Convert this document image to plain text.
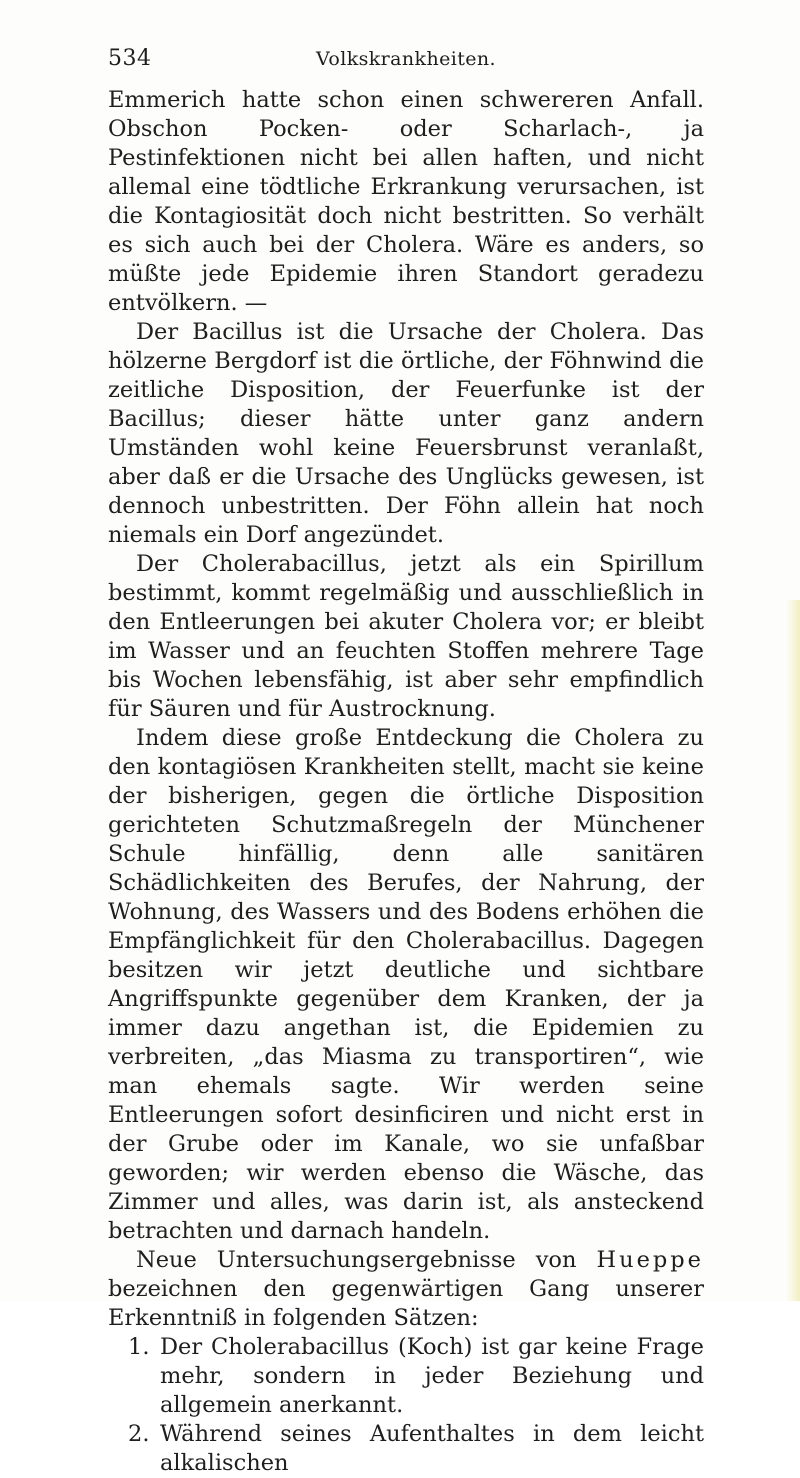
534	Volkskrankheiten.

Emmerich hatte schon einen schwereren Anfall. Obschon Pocken- oder Scharlach-, ja Pestinfektionen nicht bei allen haften, und nicht allemal eine tödtliche Erkrankung verursachen, ist die Kontagiosität doch nicht bestritten. So verhält es sich auch bei der Cholera. Wäre es anders, so müßte jede Epidemie ihren Standort geradezu entvölkern. —

Der Bacillus ist die Ursache der Cholera. Das hölzerne Bergdorf ist die örtliche, der Föhnwind die zeitliche Disposition, der Feuerfunke ist der Bacillus; dieser hätte unter ganz andern Umständen wohl keine Feuersbrunst veranlaßt, aber daß er die Ursache des Unglücks gewesen, ist dennoch unbestritten. Der Föhn allein hat noch niemals ein Dorf angezündet.

Der Cholerabacillus, jetzt als ein Spirillum bestimmt, kommt regelmäßig und ausschließlich in den Entleerungen bei akuter Cholera vor; er bleibt im Wasser und an feuchten Stoffen mehrere Tage bis Wochen lebensfähig, ist aber sehr empfindlich für Säuren und für Austrocknung.

Indem diese große Entdeckung die Cholera zu den kontagiösen Krankheiten stellt, macht sie keine der bisherigen, gegen die örtliche Disposition gerichteten Schutzmaßregeln der Münchener Schule hinfällig, denn alle sanitären Schädlichkeiten des Berufes, der Nahrung, der Wohnung, des Wassers und des Bodens erhöhen die Empfänglichkeit für den Cholerabacillus. Dagegen besitzen wir jetzt deutliche und sichtbare Angriffspunkte gegenüber dem Kranken, der ja immer dazu angethan ist, die Epidemien zu verbreiten, „das Miasma zu transportiren“, wie man ehemals sagte. Wir werden seine Entleerungen sofort desinficiren und nicht erst in der Grube oder im Kanale, wo sie unfaßbar geworden; wir werden ebenso die Wäsche, das Zimmer und alles, was darin ist, als ansteckend betrachten und darnach handeln.

Neue Untersuchungsergebnisse von Hueppe bezeichnen den gegenwärtigen Gang unserer Erkenntniß in folgenden Sätzen:

1. Der Cholerabacillus (Koch) ist gar keine Frage mehr, sondern in jeder Beziehung und allgemein anerkannt.
2. Während seines Aufenthaltes in dem leicht alkalischen
